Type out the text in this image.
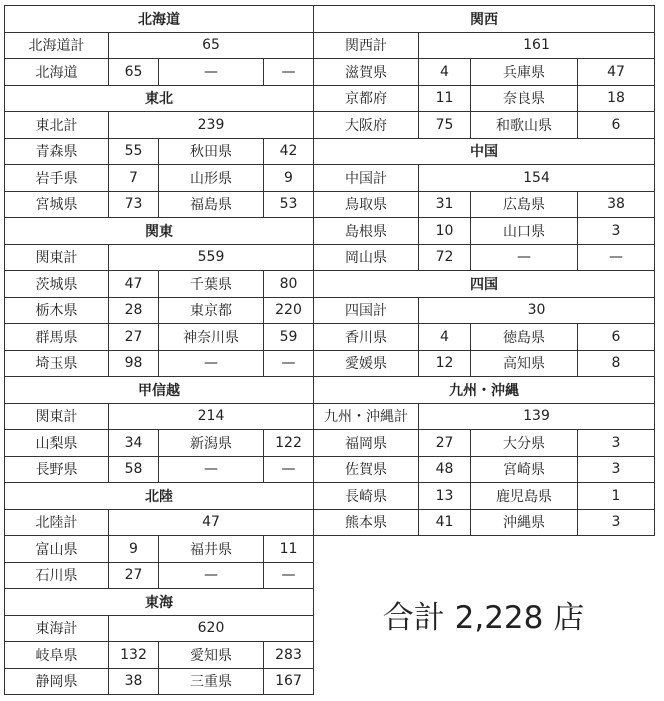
北海道			
北海道計	65		
北海道	65	—	—
東北			
東北計	239		
青森県	55	秋田県	42
岩手県	7	山形県	9
宮城県	73	福島県	53
関東			
関東計	559		
茨城県	47	千葉県	80
栃木県	28	東京都	220
群馬県	27	神奈川県	59
埼玉県	98	—	—
甲信越			
関東計	214		
山梨県	34	新潟県	122
長野県	58	—	—
北陸			
北陸計	47		
富山県	9	福井県	11
石川県	27	—	—
東海			
東海計	620		
岐阜県	132	愛知県	283
静岡県	38	三重県	167
関西			
関西計	161		
滋賀県	4	兵庫県	47
京都府	11	奈良県	18
大阪府	75	和歌山県	6
中国			
中国計	154		
鳥取県	31	広島県	38
島根県	10	山口県	3
岡山県	72	—	—
四国			
四国計	30		
香川県	4	徳島県	6
愛媛県	12	高知県	8
九州・沖縄			
九州・沖縄計	139		
福岡県	27	大分県	3
佐賀県	48	宮崎県	3
長崎県	13	鹿児島県	1
熊本県	41	沖縄県	3
合計 2,228 店
